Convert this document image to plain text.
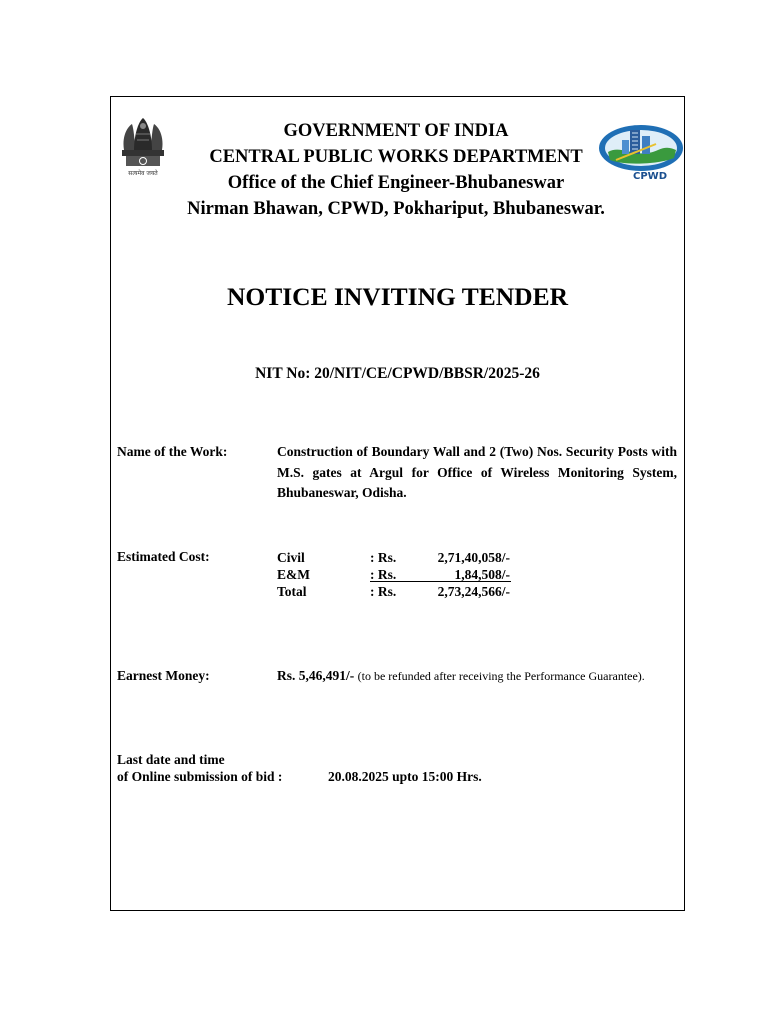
सत्यमेव जयते	CPWD
GOVERNMENT OF INDIA
CENTRAL PUBLIC WORKS DEPARTMENT
Office of the Chief Engineer-Bhubaneswar
Nirman Bhawan, CPWD, Pokhariput, Bhubaneswar.
NOTICE INVITING TENDER
NIT No: 20/NIT/CE/CPWD/BBSR/2025-26
Name of the Work:	Construction of Boundary Wall and 2 (Two) Nos. Security Posts with M.S. gates at Argul for Office of Wireless Monitoring System, Bhubaneswar, Odisha.
Estimated Cost:	Civil	: Rs.	2,71,40,058/-
E&M	: Rs.	1,84,508/-
Total	: Rs.	2,73,24,566/-
Earnest Money:	Rs. 5,46,491/- (to be refunded after receiving the Performance Guarantee).
Last date and time
of Online submission of bid :	20.08.2025 upto 15:00 Hrs.
